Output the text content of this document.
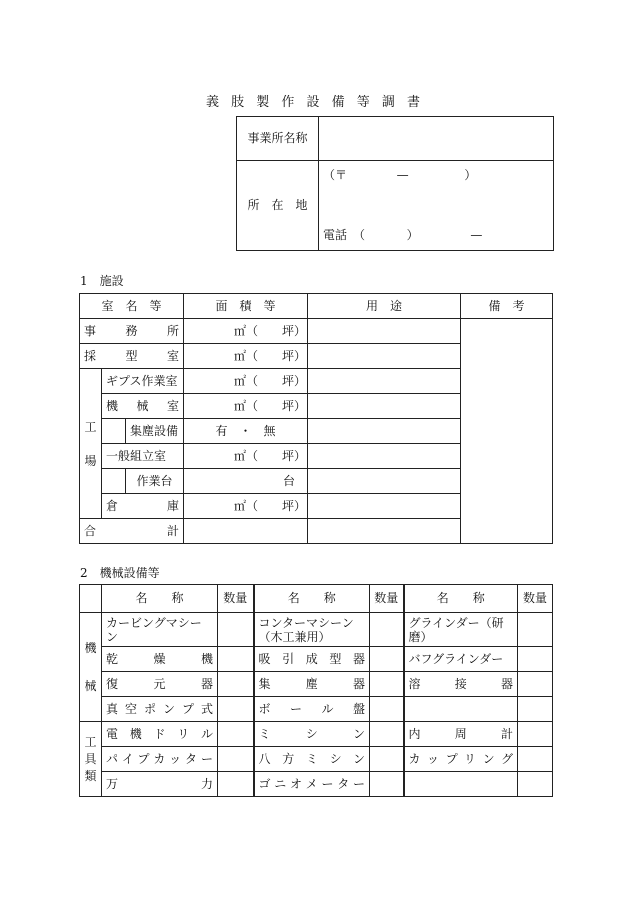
義 肢 製 作 設 備 等 調 書
事業所名称	
所　在　地	（〒 — ）
電話　（ ） —
1　施設
室　名　等			面　積　等	用　途	備　考
事　務　所			㎡（ 坪）		
採　型　室			㎡（ 坪）		

工
場	ギプス作業室		㎡（ 坪）		
	機　械　室		㎡（ 坪）		
		集塵設備	有　・　無		
	一般組立室		㎡（ 坪）		
		作業台	台		
	倉　　庫		㎡（ 坪）		
合　　計					
2　機械設備等
	名　　称	数量	名　　称	数量	名　　称	数量

機
械	カービングマシーン		コンターマシーン（木工兼用）		グラインダー（研　磨）	
	乾　燥　機		吸引成型器		バフグラインダー	
	復　元　器		集　塵　器		溶　接　器	
	真空ポンプ式		ボ　ー　ル　盤			

工
具
類	電機ドリル		ミ　シ　ン		内　周　計	
	パイプカッター		八方ミシン		カップリング	
	万　　力		ゴニオメーター			
